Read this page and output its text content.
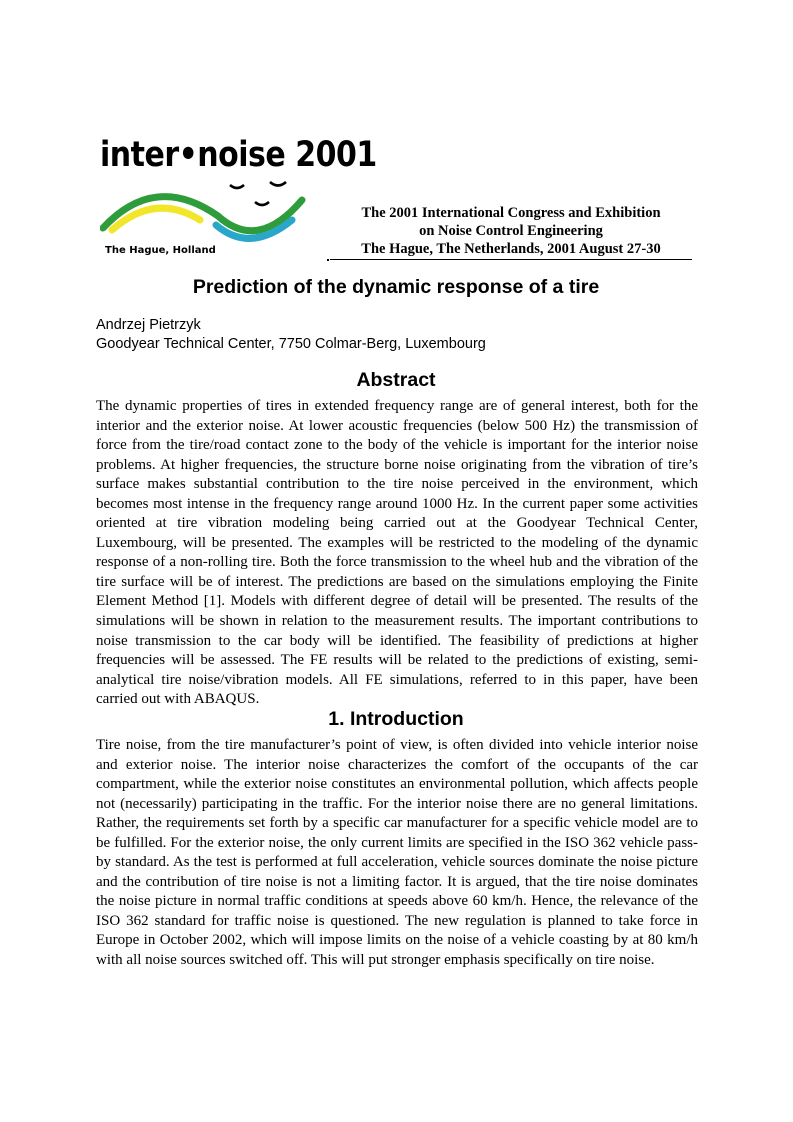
inter•noise 2001
The Hague, Holland
The 2001 International Congress and Exhibition
on Noise Control Engineering
The Hague, The Netherlands, 2001 August 27-30
Prediction of the dynamic response of a tire
Andrzej Pietrzyk
Goodyear Technical Center, 7750 Colmar-Berg, Luxembourg
Abstract
The dynamic properties of tires in extended frequency range are of general interest, both for the interior and the exterior noise. At lower acoustic frequencies (below 500 Hz) the transmission of force from the tire/road contact zone to the body of the vehicle is important for the interior noise problems. At higher frequencies, the structure borne noise originating from the vibration of tire’s surface makes substantial contribution to the tire noise perceived in the environment, which becomes most intense in the frequency range around 1000 Hz. In the current paper some activities oriented at tire vibration modeling being carried out at the Goodyear Technical Center, Luxembourg, will be presented. The examples will be restricted to the modeling of the dynamic response of a non-rolling tire. Both the force transmission to the wheel hub and the vibration of the tire surface will be of interest. The predictions are based on the simulations employing the Finite Element Method [1]. Models with different degree of detail will be presented. The results of the simulations will be shown in relation to the measurement results. The important contributions to noise transmission to the car body will be identified. The feasibility of predictions at higher frequencies will be assessed. The FE results will be related to the predictions of existing, semi-analytical tire noise/vibration models. All FE simulations, referred to in this paper, have been carried out with ABAQUS.
1. Introduction
Tire noise, from the tire manufacturer’s point of view, is often divided into vehicle interior noise and exterior noise. The interior noise characterizes the comfort of the occupants of the car compartment, while the exterior noise constitutes an environmental pollution, which affects people not (necessarily) participating in the traffic. For the interior noise there are no general limitations. Rather, the requirements set forth by a specific car manufacturer for a specific vehicle model are to be fulfilled. For the exterior noise, the only current limits are specified in the ISO 362 vehicle pass-by standard. As the test is performed at full acceleration, vehicle sources dominate the noise picture and the contribution of tire noise is not a limiting factor. It is argued, that the tire noise dominates the noise picture in normal traffic conditions at speeds above 60 km/h. Hence, the relevance of the ISO 362 standard for traffic noise is questioned. The new regulation is planned to take force in Europe in October 2002, which will impose limits on the noise of a vehicle coasting by at 80 km/h with all noise sources switched off. This will put stronger emphasis specifically on tire noise.
